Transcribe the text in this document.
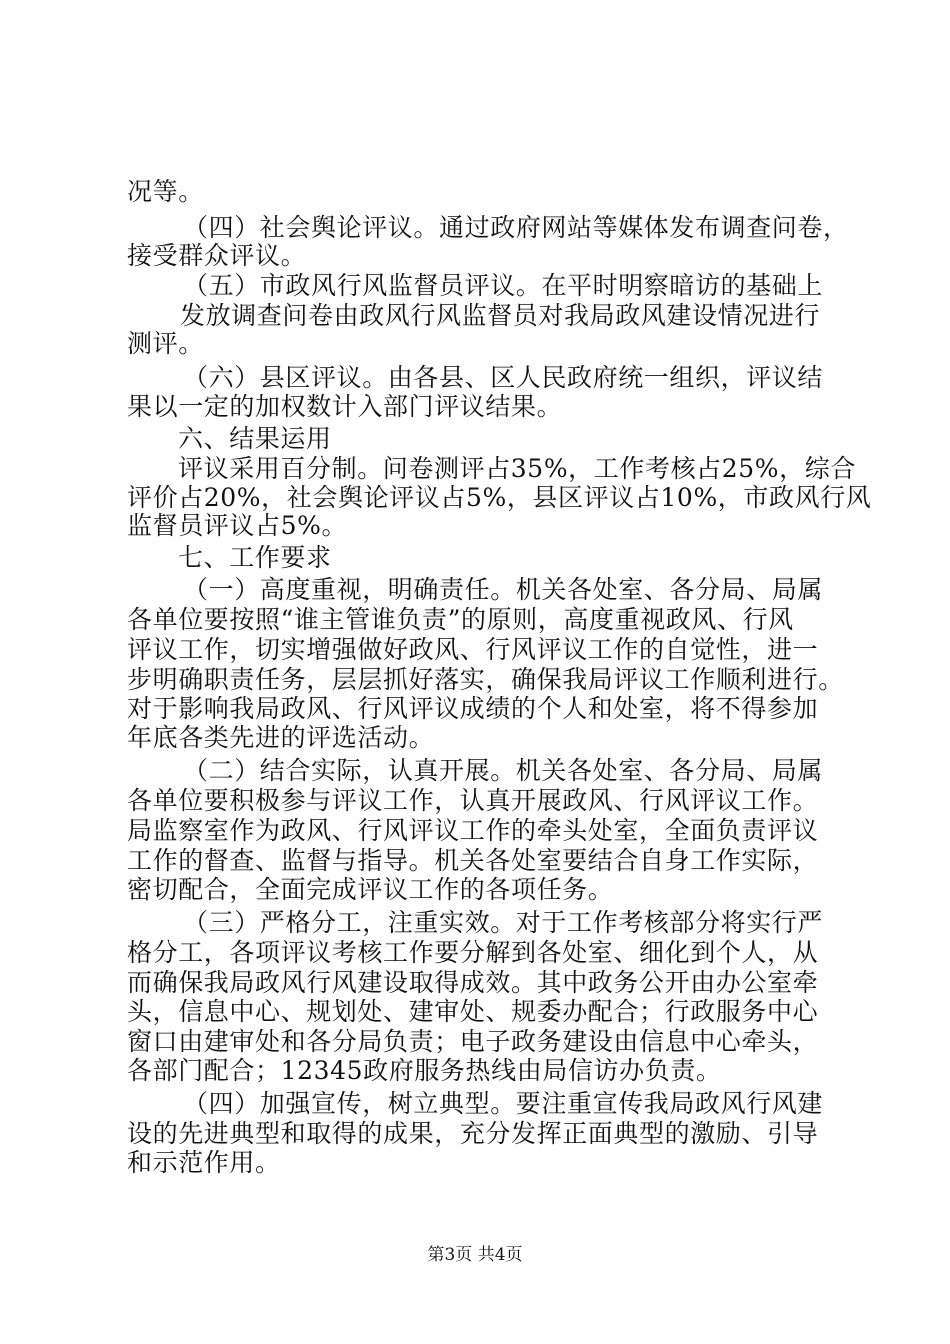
况等。
（四）社会舆论评议。通过政府网站等媒体发布调查问卷，
接受群众评议。
（五）市政风行风监督员评议。在平时明察暗访的基础上
发放调查问卷由政风行风监督员对我局政风建设情况进行
测评。
（六）县区评议。由各县、区人民政府统一组织，评议结
果以一定的加权数计入部门评议结果。
六、结果运用
评议采用百分制。问卷测评占35%，工作考核占25%，综合
评价占20%，社会舆论评议占5%，县区评议占10%，市政风行风
监督员评议占5%。
七、工作要求
（一）高度重视，明确责任。机关各处室、各分局、局属
各单位要按照“谁主管谁负责”的原则，高度重视政风、行风
评议工作，切实增强做好政风、行风评议工作的自觉性，进一
步明确职责任务，层层抓好落实，确保我局评议工作顺利进行。
对于影响我局政风、行风评议成绩的个人和处室，将不得参加
年底各类先进的评选活动。
（二）结合实际，认真开展。机关各处室、各分局、局属
各单位要积极参与评议工作，认真开展政风、行风评议工作。
局监察室作为政风、行风评议工作的牵头处室，全面负责评议
工作的督查、监督与指导。机关各处室要结合自身工作实际，
密切配合，全面完成评议工作的各项任务。
（三）严格分工，注重实效。对于工作考核部分将实行严
格分工，各项评议考核工作要分解到各处室、细化到个人，从
而确保我局政风行风建设取得成效。其中政务公开由办公室牵
头，信息中心、规划处、建审处、规委办配合；行政服务中心
窗口由建审处和各分局负责；电子政务建设由信息中心牵头，
各部门配合；12345政府服务热线由局信访办负责。
（四）加强宣传，树立典型。要注重宣传我局政风行风建
设的先进典型和取得的成果，充分发挥正面典型的激励、引导
和示范作用。
第3页 共4页
